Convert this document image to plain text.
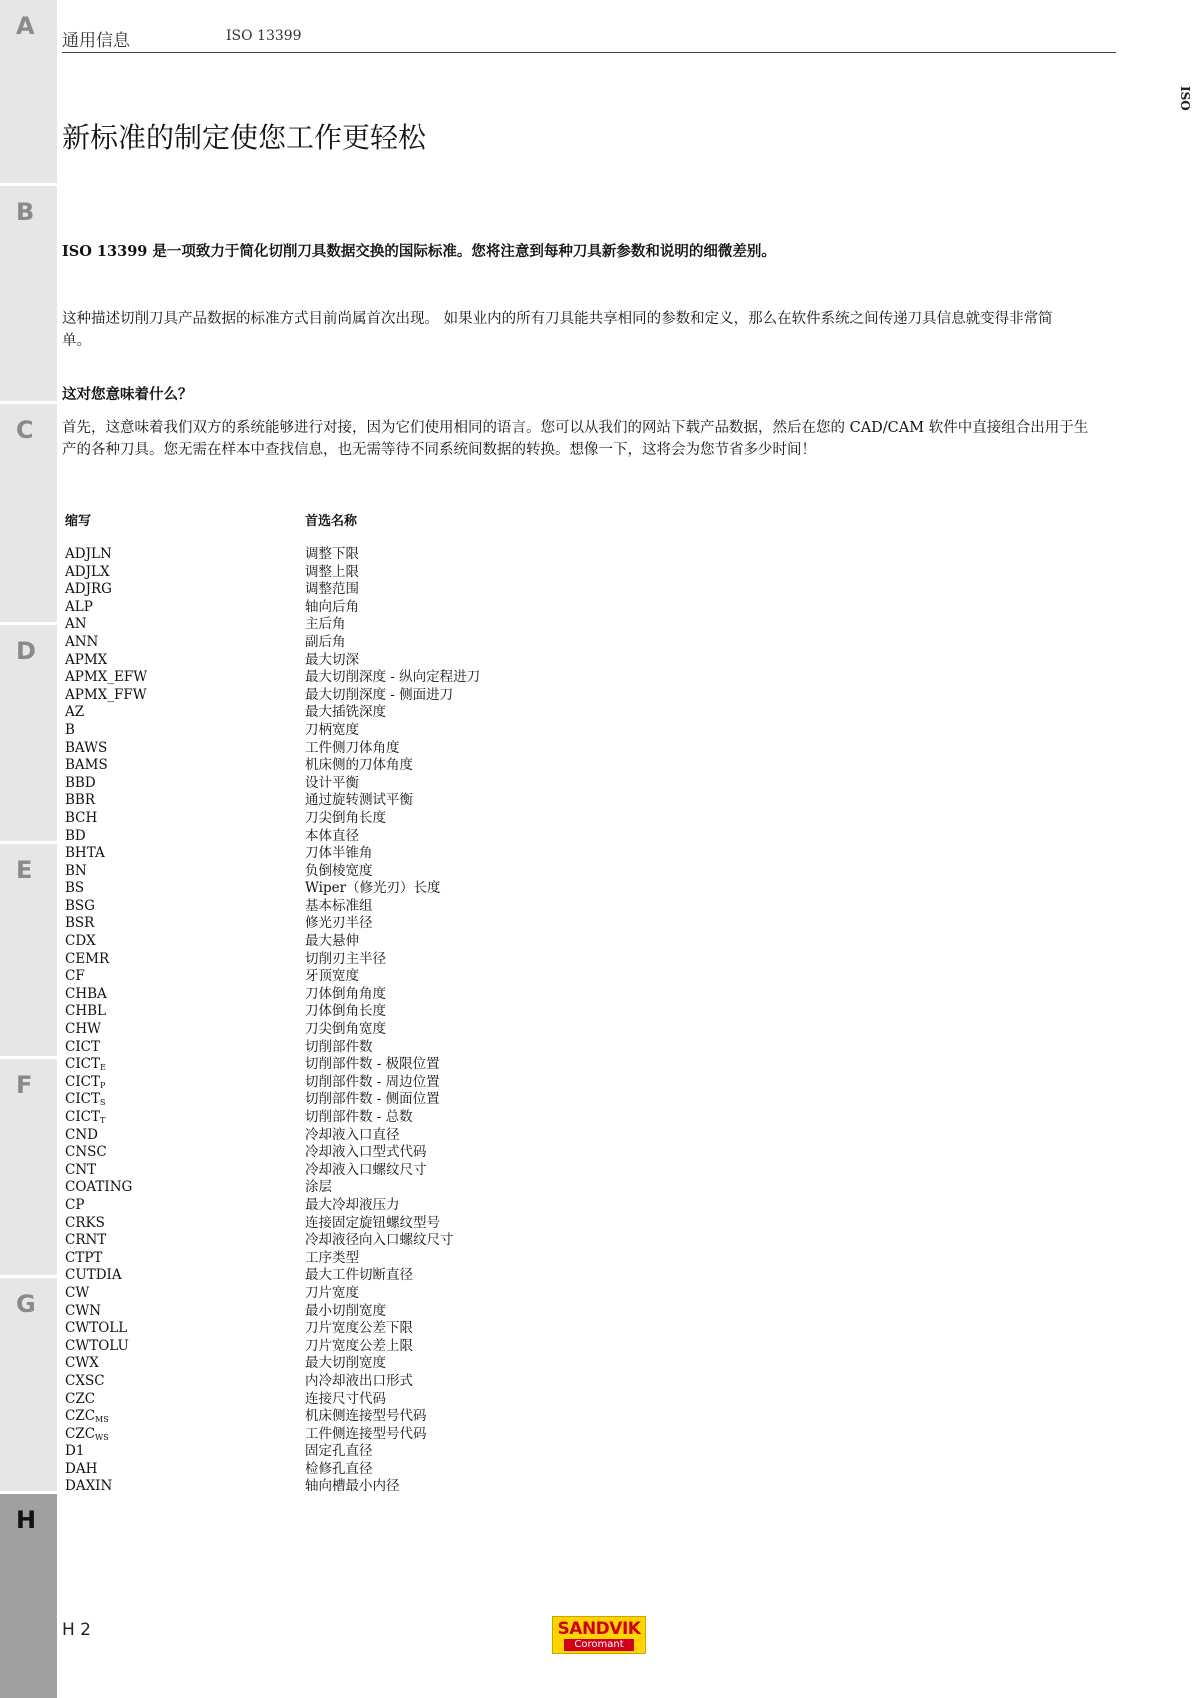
A
B
C
D
E
F
G
H
通用信息	ISO 13399
ISO
新标准的制定使您工作更轻松
ISO 13399 是一项致力于简化切削刀具数据交换的国际标准。您将注意到每种刀具新参数和说明的细微差别。
这种描述切削刀具产品数据的标准方式目前尚属首次出现。 如果业内的所有刀具能共享相同的参数和定义，那么在软件系统之间传递刀具信息就变得非常简单。
这对您意味着什么？
首先，这意味着我们双方的系统能够进行对接，因为它们使用相同的语言。您可以从我们的网站下载产品数据，然后在您的 CAD/CAM 软件中直接组合出用于生产的各种刀具。您无需在样本中查找信息，也无需等待不同系统间数据的转换。想像一下，这将会为您节省多少时间！
缩写	首选名称
ADJLN	调整下限
ADJLX	调整上限
ADJRG	调整范围
ALP	轴向后角
AN	主后角
ANN	副后角
APMX	最大切深
APMX_EFW	最大切削深度 - 纵向定程进刀
APMX_FFW	最大切削深度 - 侧面进刀
AZ	最大插铣深度
B	刀柄宽度
BAWS	工件侧刀体角度
BAMS	机床侧的刀体角度
BBD	设计平衡
BBR	通过旋转测试平衡
BCH	刀尖倒角长度
BD	本体直径
BHTA	刀体半锥角
BN	负倒棱宽度
BS	Wiper（修光刃）长度
BSG	基本标准组
BSR	修光刃半径
CDX	最大悬伸
CEMR	切削刃主半径
CF	牙顶宽度
CHBA	刀体倒角角度
CHBL	刀体倒角长度
CHW	刀尖倒角宽度
CICT	切削部件数
$CICT_E$	切削部件数 - 极限位置
$CICT_P$	切削部件数 - 周边位置
$CICT_S$	切削部件数 - 侧面位置
$CICT_T$	切削部件数 - 总数
CND	冷却液入口直径
CNSC	冷却液入口型式代码
CNT	冷却液入口螺纹尺寸
COATING	涂层
CP	最大冷却液压力
CRKS	连接固定旋钮螺纹型号
CRNT	冷却液径向入口螺纹尺寸
CTPT	工序类型
CUTDIA	最大工件切断直径
CW	刀片宽度
CWN	最小切削宽度
CWTOLL	刀片宽度公差下限
CWTOLU	刀片宽度公差上限
CWX	最大切削宽度
CXSC	内冷却液出口形式
CZC	连接尺寸代码
$CZC_{MS}$	机床侧连接型号代码
$CZC_{WS}$	工件侧连接型号代码
D1	固定孔直径
DAH	检修孔直径
DAXIN	轴向槽最小内径
H 2	SANDVIK
Coromant
